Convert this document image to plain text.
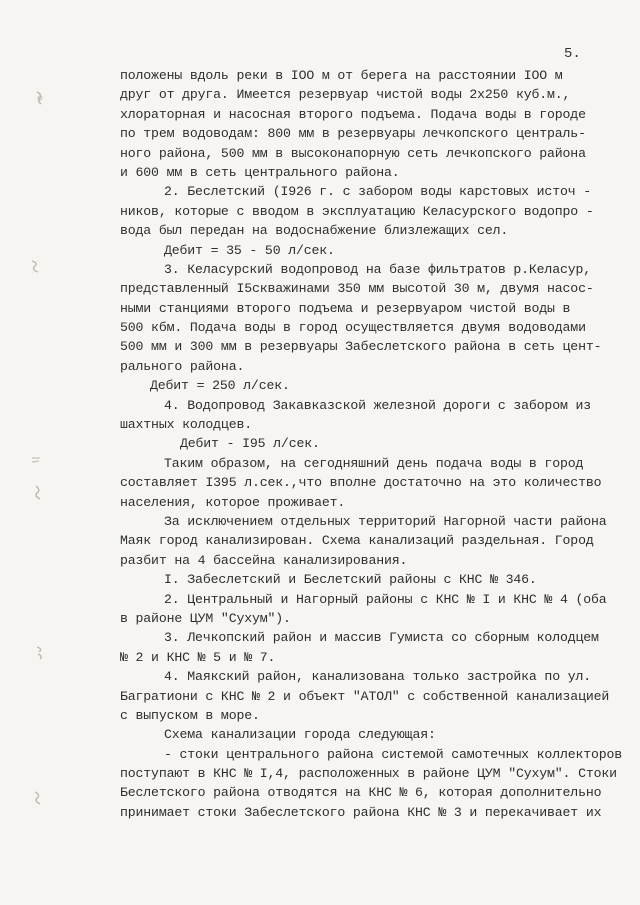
5.
положены вдоль реки в IOO м от берега на расстоянии IOO м
друг от друга. Имеется резервуар чистой воды 2х250 куб.м.,
хлораторная и насосная второго подъема. Подача воды в городе
по трем водоводам: 800 мм в резервуары лечкопского централь-
ного района, 500 мм в высоконапорную сеть лечкопского района
и 600 мм в сеть центрального района.
2. Беслетский (I926 г. с забором воды карстовых источ -
ников, которые с вводом в эксплуатацию Келасурского водопро -
вода был передан на водоснабжение близлежащих сел.
Дебит = 35 - 50 л/сек.
3. Келасурский водопровод на базе фильтратов р.Келасур,
представленный I5скважинами 350 мм высотой 30 м, двумя насос-
ными станциями второго подъема и резервуаром чистой воды в
500 кбм. Подача воды в город осуществляется двумя водоводами
500 мм и 300 мм в резервуары Забеслетского района в сеть цент-
рального района.
Дебит = 250 л/сек.
4. Водопровод Закавказской железной дороги с забором из
шахтных колодцев.
Дебит - I95 л/сек.
Таким образом, на сегодняшний день подача воды в город
составляет I395 л.сек.,что вполне достаточно на это количество
населения, которое проживает.
За исключением отдельных территорий Нагорной части района
Маяк город канализирован. Схема канализаций раздельная. Город
разбит на 4 бассейна канализирования.
I. Забеслетский и Беслетский районы с КНС № 346.
2. Центральный и Нагорный районы с КНС № I и КНС № 4 (оба
в районе ЦУМ "Сухум").
3. Лечкопский район и массив Гумиста со сборным колодцем
№ 2 и КНС № 5 и № 7.
4. Маякский район, канализована только застройка по ул.
Багратиони с КНС № 2 и объект "АТОЛ" с собственной канализацией
с выпуском в море.
Схема канализации города следующая:
- стоки центрального района системой самотечных коллекторов
поступают в КНС № I,4, расположенных в районе ЦУМ "Сухум". Стоки
Беслетского района отводятся на КНС № 6, которая дополнительно
принимает стоки Забеслетского района КНС № 3 и перекачивает их
